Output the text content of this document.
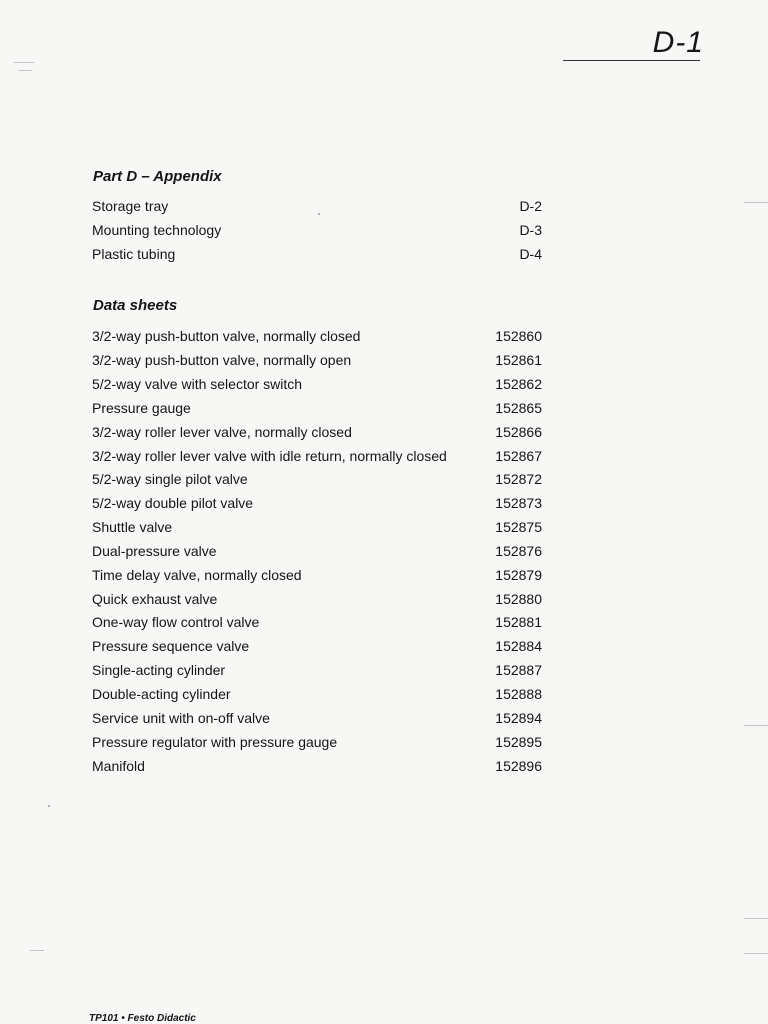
D-1
Part D – Appendix
Storage tray	D-2
Mounting technology	D-3
Plastic tubing	D-4
Data sheets
3/2-way push-button valve, normally closed	152860
3/2-way push-button valve, normally open	152861
5/2-way valve with selector switch	152862
Pressure gauge	152865
3/2-way roller lever valve, normally closed	152866
3/2-way roller lever valve with idle return, normally closed	152867
5/2-way single pilot valve	152872
5/2-way double pilot valve	152873
Shuttle valve	152875
Dual-pressure valve	152876
Time delay valve, normally closed	152879
Quick exhaust valve	152880
One-way flow control valve	152881
Pressure sequence valve	152884
Single-acting cylinder	152887
Double-acting cylinder	152888
Service unit with on-off valve	152894
Pressure regulator with pressure gauge	152895
Manifold	152896
TP101 • Festo Didactic
